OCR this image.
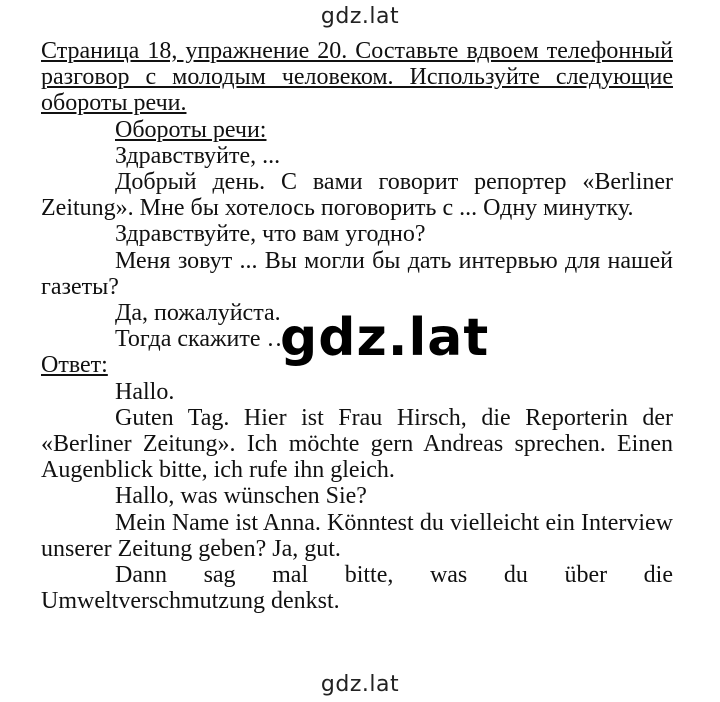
gdz.lat

Страница 18, упражнение 20. Составьте вдвоем телефонный разговор с молодым человеком. Используйте следующие обороты речи.

Обороты речи:

Здравствуйте, ...

Добрый день. С вами говорит репортер «Berliner Zeitung». Мне бы хотелось поговорить с ... Одну минутку.

Здравствуйте, что вам угодно?

Меня зовут ... Вы могли бы дать интервью для нашей газеты?

Да, пожалуйста.

Тогда скажите …

Ответ:

Hallo.

Guten Tag. Hier ist Frau Hirsch, die Reporterin der «Berliner Zeitung». Ich möchte gern Andreas sprechen. Einen Augenblick bitte, ich rufe ihn gleich.

Hallo, was wünschen Sie?

Mein Name ist Anna. Könntest du vielleicht ein Interview unserer Zeitung geben? Ja, gut.

Dann sag mal bitte, was du über die Umweltverschmutzung denkst.

gdz.lat
gdz.lat
